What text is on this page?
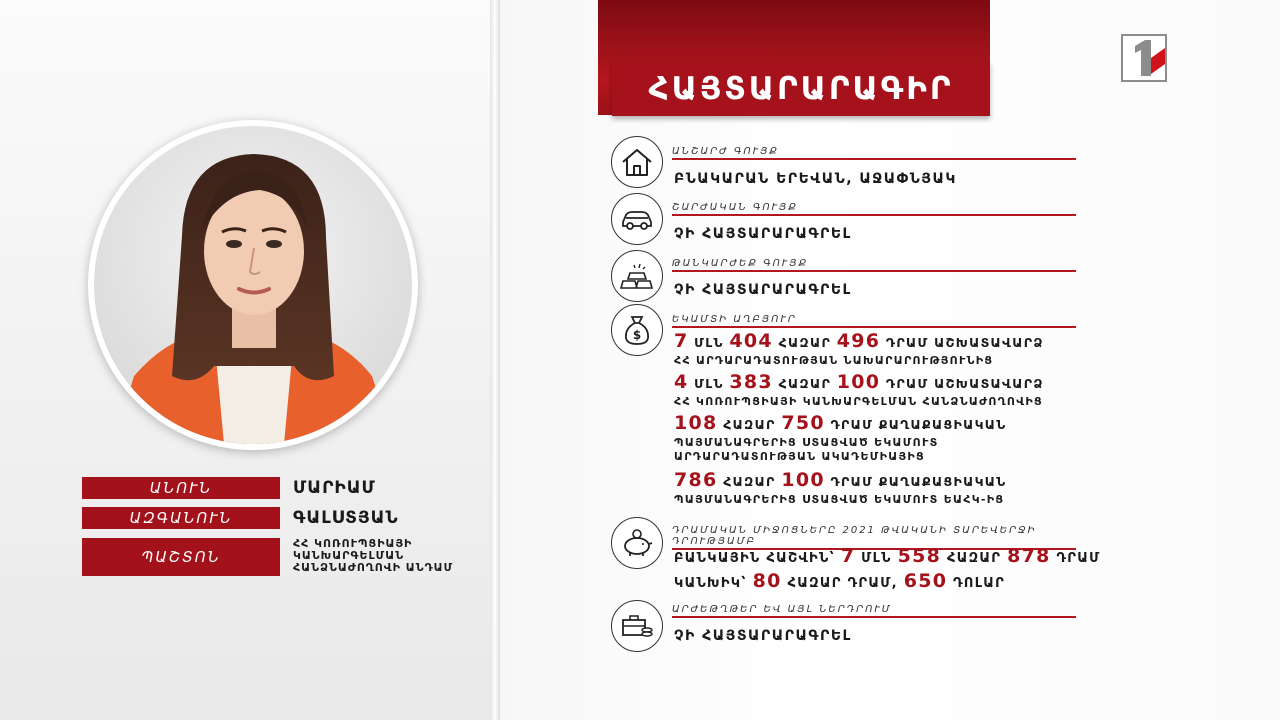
ԱՆՈՒՆ	ՄԱՐԻԱՄ
ԱԶԳԱՆՈՒՆ	ԳԱԼՍՏՅԱՆ
ՊԱՇՏՈՆ
ՀՀ ԿՈՌՈՒՊՑԻԱՅԻ
ԿԱՆԽԱՐԳԵԼՄԱՆ
ՀԱՆՁՆԱԺՈՂՈՎԻ ԱՆԴԱՄ
ՀԱՅՏԱՐԱՐԱԳԻՐ
ԱՆՇԱՐԺ ԳՈՒՅՔ
ԲՆԱԿԱՐԱՆ ԵՐԵՎԱՆ, ԱՋԱՓՆՅԱԿ
ՇԱՐԺԱԿԱՆ ԳՈՒՅՔ
ՉԻ ՀԱՅՏԱՐԱՐԱԳՐԵԼ
ԹԱՆԿԱՐԺԵՔ ԳՈՒՅՔ
ՉԻ ՀԱՅՏԱՐԱՐԱԳՐԵԼ
$
ԵԿԱՄՏԻ ԱՂԲՅՈՒՐ
7 ՄԼՆ 404 ՀԱԶԱՐ 496 ԴՐԱՄ ԱՇԽԱՏԱՎԱՐՁ
ՀՀ ԱՐԴԱՐԱԴԱՏՈՒԹՅԱՆ ՆԱԽԱՐԱՐՈՒԹՅՈՒՆԻՑ
4 ՄԼՆ 383 ՀԱԶԱՐ 100 ԴՐԱՄ ԱՇԽԱՏԱՎԱՐՁ
ՀՀ ԿՈՌՈՒՊՑԻԱՅԻ ԿԱՆԽԱՐԳԵԼՄԱՆ ՀԱՆՁՆԱԺՈՂՈՎԻՑ
108 ՀԱԶԱՐ 750 ԴՐԱՄ ՔԱՂԱՔԱՑԻԱԿԱՆ
ՊԱՅՄԱՆԱԳՐԵՐԻՑ ՍՏԱՑՎԱԾ ԵԿԱՄՈՒՏ
ԱՐԴԱՐԱԴԱՏՈՒԹՅԱՆ ԱԿԱԴԵՄԻԱՅԻՑ
786 ՀԱԶԱՐ 100 ԴՐԱՄ ՔԱՂԱՔԱՑԻԱԿԱՆ
ՊԱՅՄԱՆԱԳՐԵՐԻՑ ՍՏԱՑՎԱԾ ԵԿԱՄՈՒՏ ԵԱՀԿ-ԻՑ
ԴՐԱՄԱԿԱՆ ՄԻՋՈՑՆԵՐԸ 2021 ԹՎԱԿԱՆԻ ՏԱՐԵՎԵՐՋԻ ԴՐՈՒԹՅԱՄԲ
ԲԱՆԿԱՅԻՆ ՀԱՇՎԻՆ՝ 7 ՄԼՆ 558 ՀԱԶԱՐ 878 ԴՐԱՄ
ԿԱՆԽԻԿ՝ 80 ՀԱԶԱՐ ԴՐԱՄ, 650 ԴՈԼԱՐ
ԱՐԺԵԹՂԹԵՐ ԵՎ ԱՅԼ ՆԵՐԴՐՈՒՄ
ՉԻ ՀԱՅՏԱՐԱՐԱԳՐԵԼ
